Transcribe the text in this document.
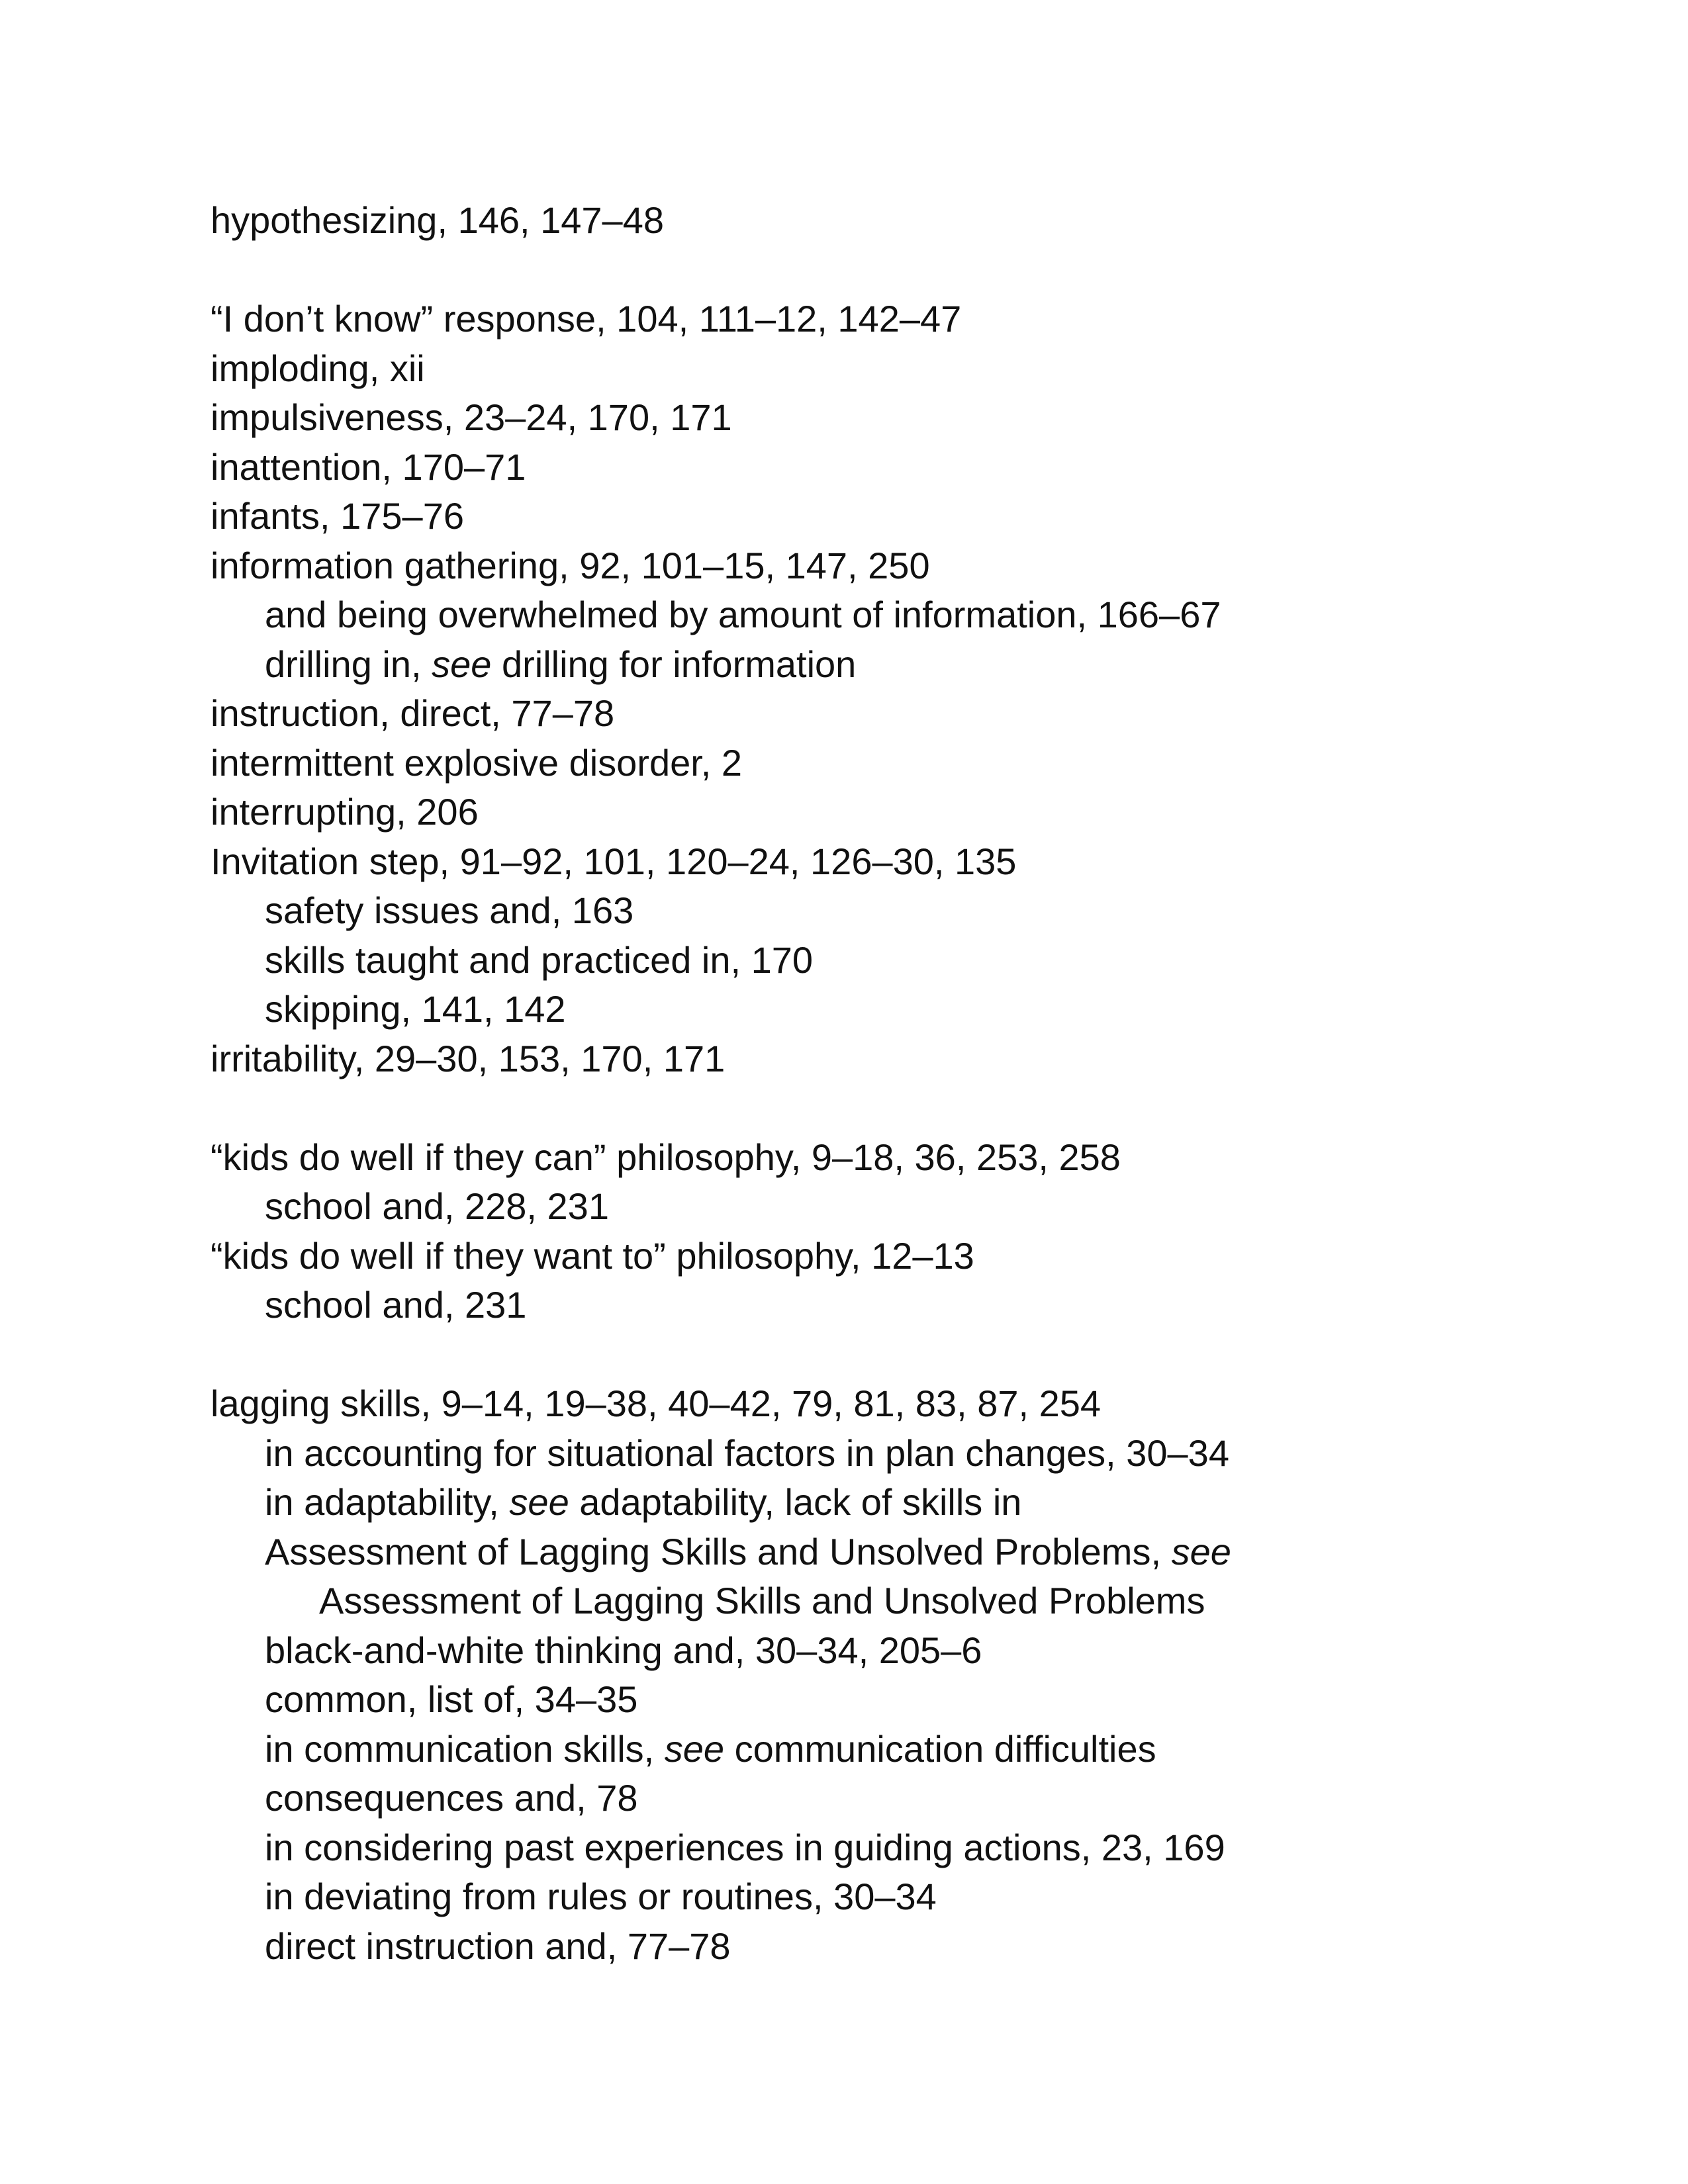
hypothesizing, 146, 147–48
“I don’t know” response, 104, 111–12, 142–47
imploding, xii
impulsiveness, 23–24, 170, 171
inattention, 170–71
infants, 175–76
information gathering, 92, 101–15, 147, 250
and being overwhelmed by amount of information, 166–67
drilling in, see drilling for information
instruction, direct, 77–78
intermittent explosive disorder, 2
interrupting, 206
Invitation step, 91–92, 101, 120–24, 126–30, 135
safety issues and, 163
skills taught and practiced in, 170
skipping, 141, 142
irritability, 29–30, 153, 170, 171
“kids do well if they can” philosophy, 9–18, 36, 253, 258
school and, 228, 231
“kids do well if they want to” philosophy, 12–13
school and, 231
lagging skills, 9–14, 19–38, 40–42, 79, 81, 83, 87, 254
in accounting for situational factors in plan changes, 30–34
in adaptability, see adaptability, lack of skills in
Assessment of Lagging Skills and Unsolved Problems, see
Assessment of Lagging Skills and Unsolved Problems
black-and-white thinking and, 30–34, 205–6
common, list of, 34–35
in communication skills, see communication difficulties
consequences and, 78
in considering past experiences in guiding actions, 23, 169
in deviating from rules or routines, 30–34
direct instruction and, 77–78
